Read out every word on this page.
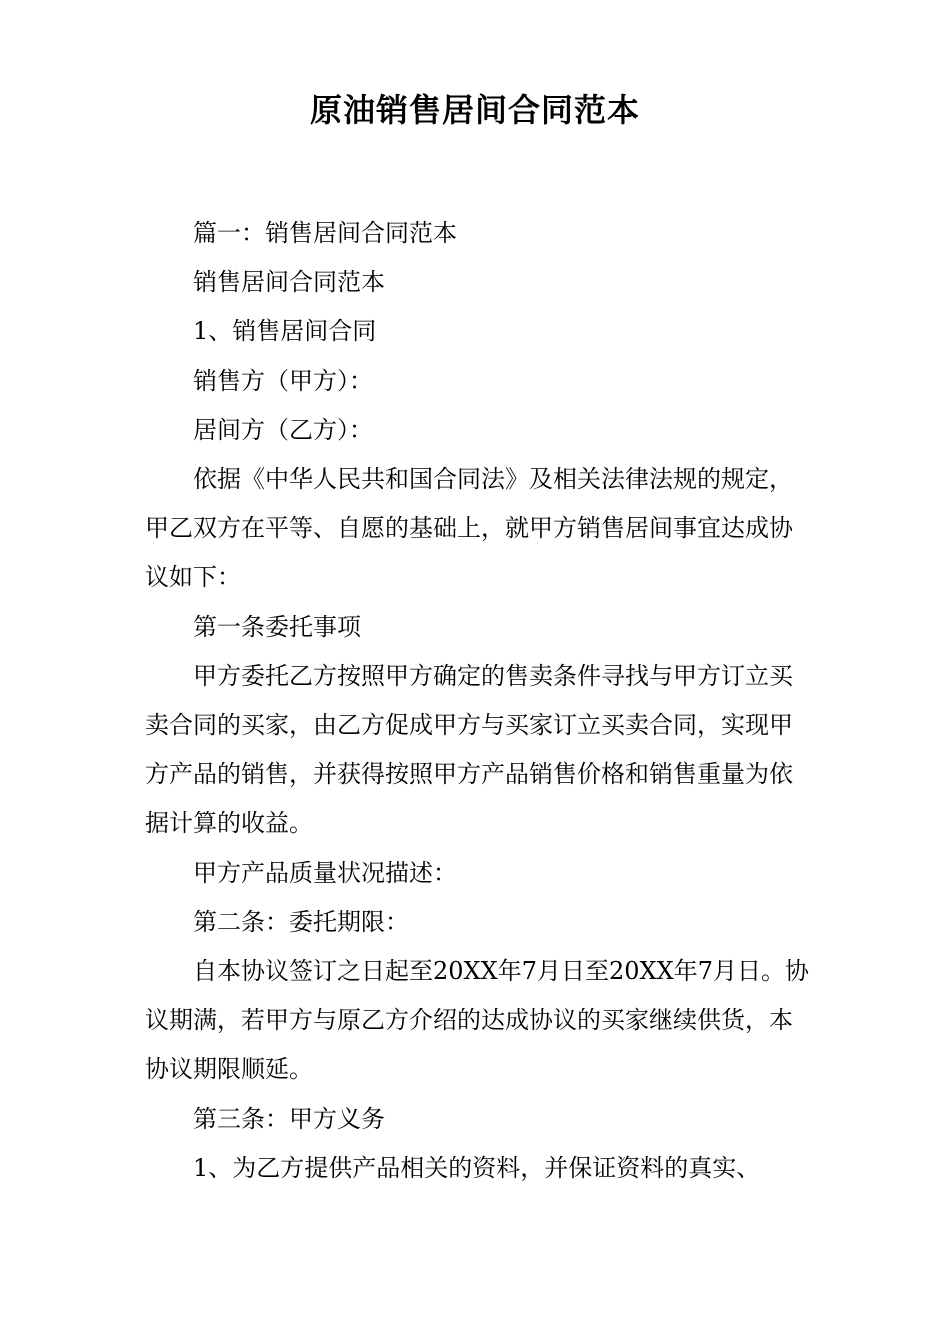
原油销售居间合同范本

篇一：销售居间合同范本

销售居间合同范本

1、销售居间合同

销售方（甲方）：

居间方（乙方）：

依据《中华人民共和国合同法》及相关法律法规的规定，甲乙双方在平等、自愿的基础上，就甲方销售居间事宜达成协议如下：

第一条委托事项

甲方委托乙方按照甲方确定的售卖条件寻找与甲方订立买卖合同的买家，由乙方促成甲方与买家订立买卖合同，实现甲方产品的销售，并获得按照甲方产品销售价格和销售重量为依据计算的收益。

甲方产品质量状况描述：

第二条：委托期限：

自本协议签订之日起至20XX年7月日至20XX年7月日。协议期满，若甲方与原乙方介绍的达成协议的买家继续供货，本协议期限顺延。

第三条：甲方义务

1、为乙方提供产品相关的资料，并保证资料的真实、
